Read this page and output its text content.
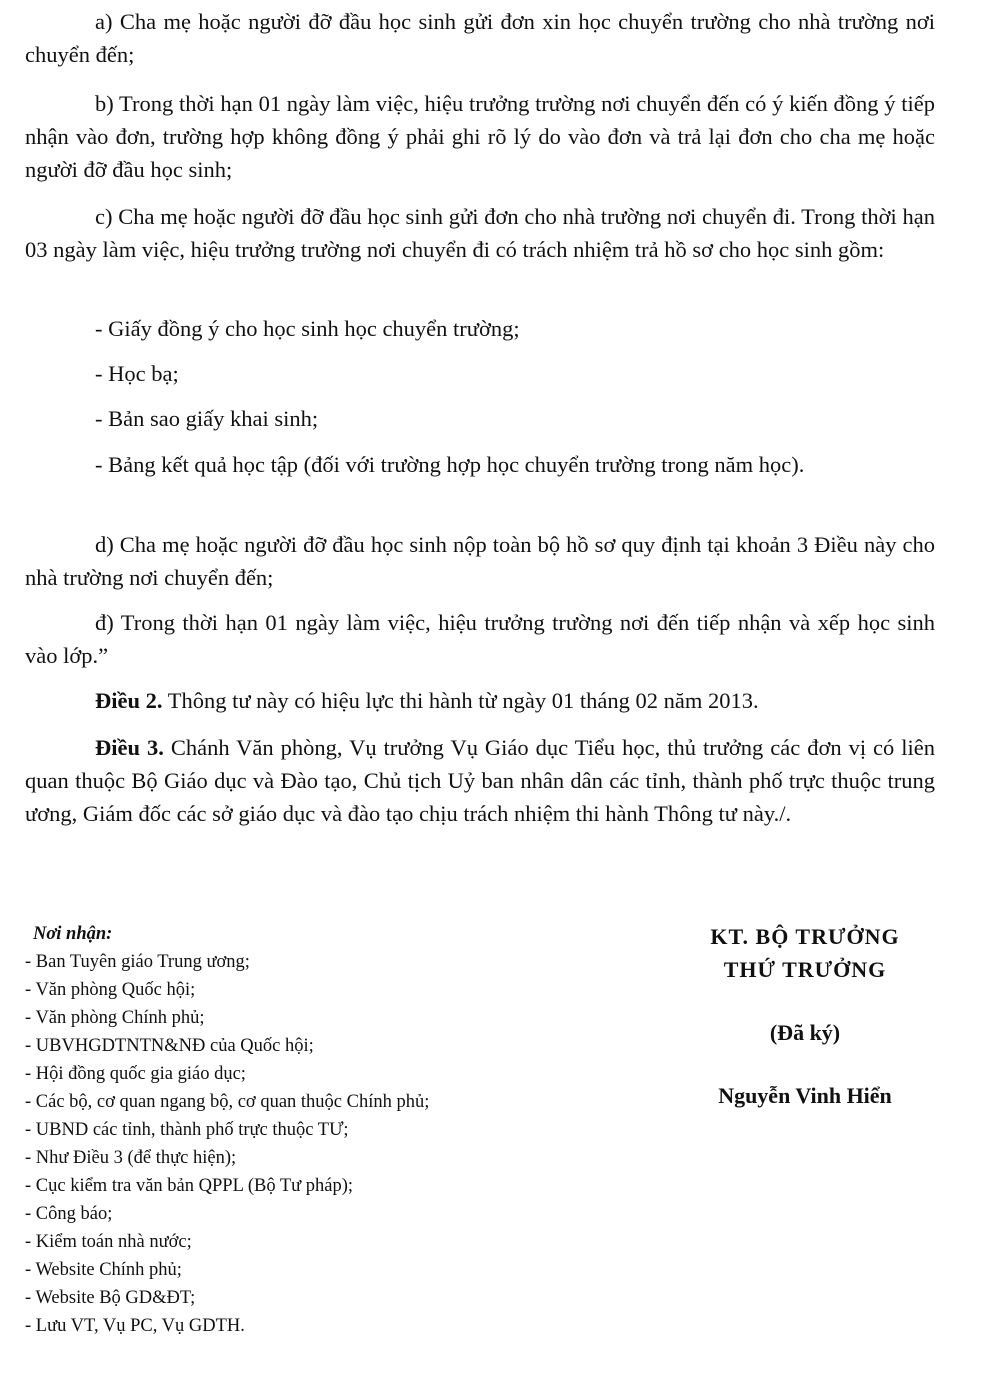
a) Cha mẹ hoặc người đỡ đầu học sinh gửi đơn xin học chuyển trường cho nhà trường nơi chuyển đến;

b) Trong thời hạn 01 ngày làm việc, hiệu trưởng trường nơi chuyển đến có ý kiến đồng ý tiếp nhận vào đơn, trường hợp không đồng ý phải ghi rõ lý do vào đơn và trả lại đơn cho cha mẹ hoặc người đỡ đầu học sinh;

c) Cha mẹ hoặc người đỡ đầu học sinh gửi đơn cho nhà trường nơi chuyển đi. Trong thời hạn 03 ngày làm việc, hiệu trưởng trường nơi chuyển đi có trách nhiệm trả hồ sơ cho học sinh gồm:

- Giấy đồng ý cho học sinh học chuyển trường;

- Học bạ;

- Bản sao giấy khai sinh;

- Bảng kết quả học tập (đối với trường hợp học chuyển trường trong năm học).

d) Cha mẹ hoặc người đỡ đầu học sinh nộp toàn bộ hồ sơ quy định tại khoản 3 Điều này cho nhà trường nơi chuyển đến;

đ) Trong thời hạn 01 ngày làm việc, hiệu trưởng trường nơi đến tiếp nhận và xếp học sinh vào lớp.”

Điều 2. Thông tư này có hiệu lực thi hành từ ngày 01 tháng 02 năm 2013.

Điều 3. Chánh Văn phòng, Vụ trưởng Vụ Giáo dục Tiểu học, thủ trưởng các đơn vị có liên quan thuộc Bộ Giáo dục và Đào tạo, Chủ tịch Uỷ ban nhân dân các tỉnh, thành phố trực thuộc trung ương, Giám đốc các sở giáo dục và đào tạo chịu trách nhiệm thi hành Thông tư này./.

Nơi nhận:
- Ban Tuyên giáo Trung ương;
- Văn phòng Quốc hội;
- Văn phòng Chính phủ;
- UBVHGDTNTN&NĐ của Quốc hội;
- Hội đồng quốc gia giáo dục;
- Các bộ, cơ quan ngang bộ, cơ quan thuộc Chính phủ;
- UBND các tỉnh, thành phố trực thuộc TƯ;
- Như Điều 3 (để thực hiện);
- Cục kiểm tra văn bản QPPL (Bộ Tư pháp);
- Công báo;
- Kiểm toán nhà nước;
- Website Chính phủ;
- Website Bộ GD&ĐT;
- Lưu VT, Vụ PC, Vụ GDTH.
KT. BỘ TRƯỞNG
THỨ TRƯỞNG
(Đã ký)
Nguyễn Vinh Hiển
